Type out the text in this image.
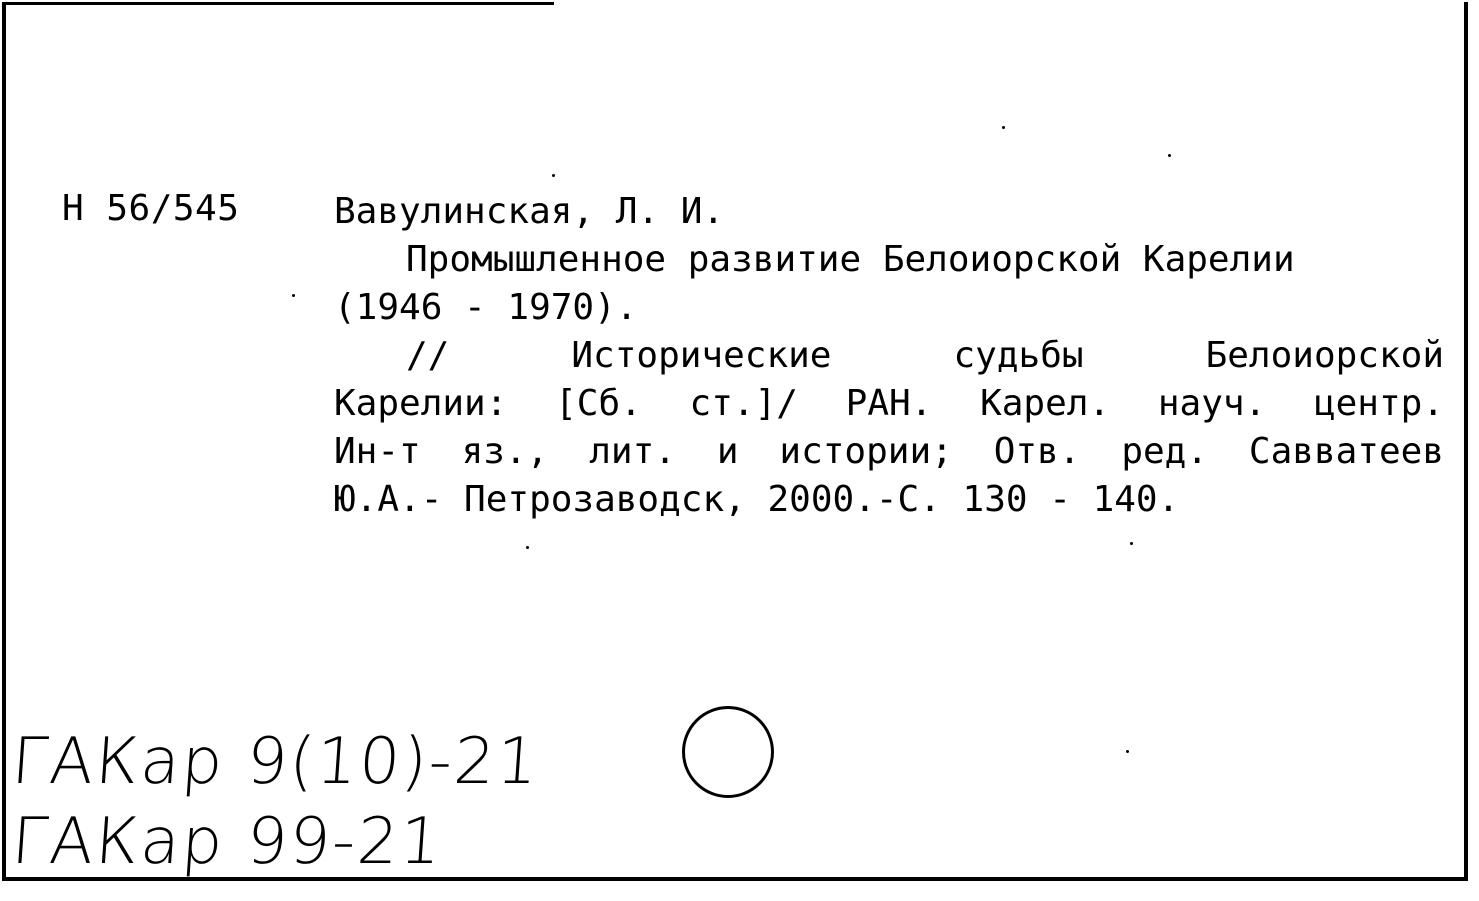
Н 56/545	Вавулинская, Л. И.
Промышленное развитие Белоиорской Карелии
(1946 - 1970).
// Исторические судьбы Белоиорской
Карелии: [Сб. ст.]/ РАН. Карел. науч. центр.
Ин-т яз., лит. и истории; Отв. ред. Савватеев
Ю.А.- Петрозаводск, 2000.-С. 130 - 140.
ГАКар 9(10)-21
ГАКар 99-21
